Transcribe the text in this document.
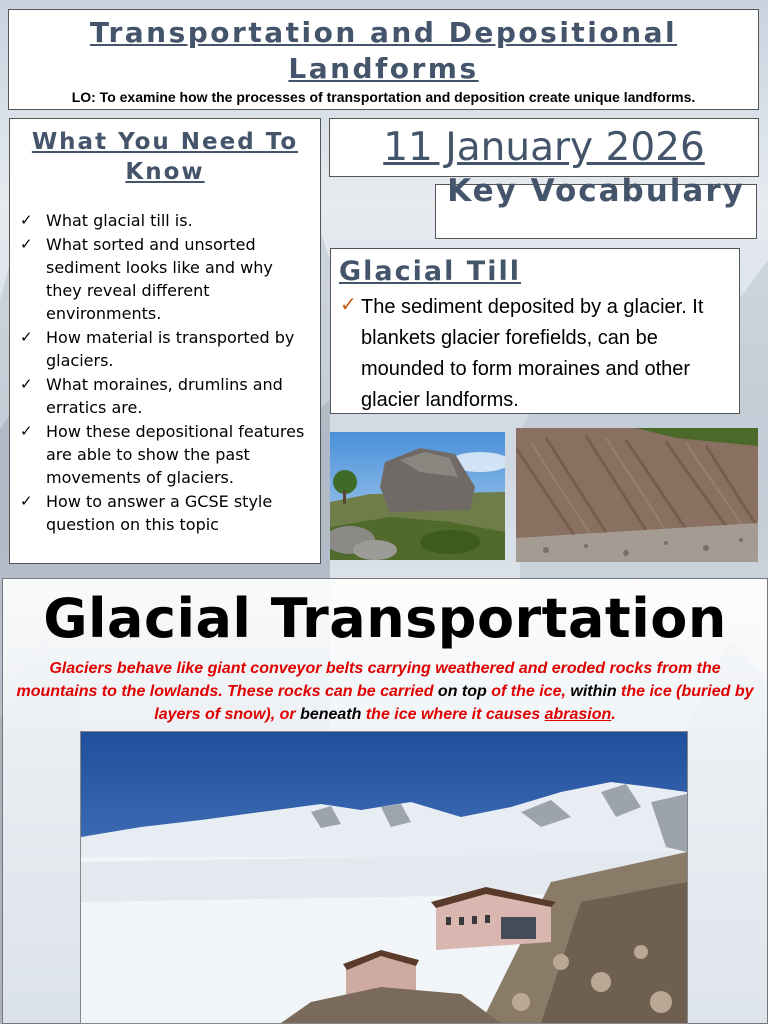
Transportation and Depositional Landforms
LO: To examine how the processes of transportation and deposition create unique landforms.
What You Need To Know
✓ What glacial till is.
✓ What sorted and unsorted sediment looks like and why they reveal different environments.
✓ How material is transported by glaciers.
✓ What moraines, drumlins and erratics are.
✓ How these depositional features are able to show the past movements of glaciers.
✓ How to answer a GCSE style question on this topic
11 January 2026
Key Vocabulary
Glacial Till
✓ The sediment deposited by a glacier. It blankets glacier forefields, can be mounded to form moraines and other glacier landforms.
Glacial Transportation
Glaciers behave like giant conveyor belts carrying weathered and eroded rocks from the mountains to the lowlands. These rocks can be carried on top of the ice, within the ice (buried by layers of snow), or beneath the ice where it causes abrasion.
